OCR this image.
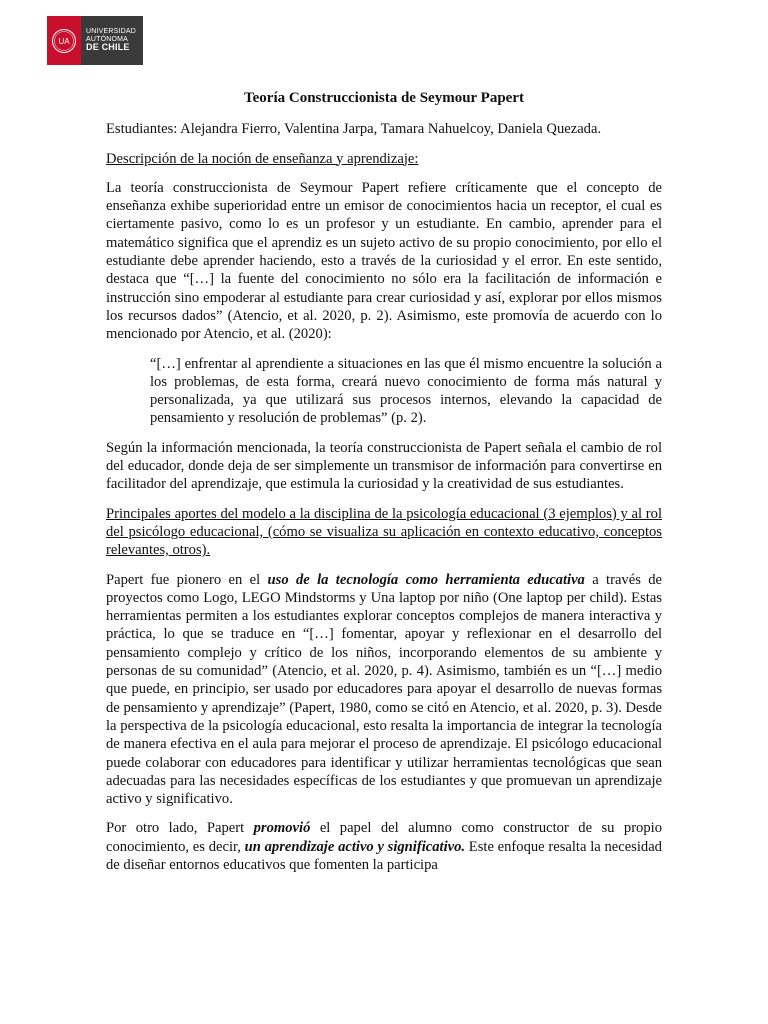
UA
UNIVERSIDAD
AUTÓNOMA
DE CHILE

Teoría Construccionista de Seymour Papert

Estudiantes: Alejandra Fierro, Valentina Jarpa, Tamara Nahuelcoy, Daniela Quezada.

Descripción de la noción de enseñanza y aprendizaje:

La teoría construccionista de Seymour Papert refiere críticamente que el concepto de enseñanza exhibe superioridad entre un emisor de conocimientos hacia un receptor, el cual es ciertamente pasivo, como lo es un profesor y un estudiante. En cambio, aprender para el matemático significa que el aprendiz es un sujeto activo de su propio conocimiento, por ello el estudiante debe aprender haciendo, esto a través de la curiosidad y el error. En este sentido, destaca que “[…] la fuente del conocimiento no sólo era la facilitación de información e instrucción sino empoderar al estudiante para crear curiosidad y así, explorar por ellos mismos los recursos dados” (Atencio, et al. 2020, p. 2). Asimismo, este promovía de acuerdo con lo mencionado por Atencio, et al. (2020):

“[…] enfrentar al aprendiente a situaciones en las que él mismo encuentre la solución a los problemas, de esta forma, creará nuevo conocimiento de forma más natural y personalizada, ya que utilizará sus procesos internos, elevando la capacidad de pensamiento y resolución de problemas” (p. 2).

Según la información mencionada, la teoría construccionista de Papert señala el cambio de rol del educador, donde deja de ser simplemente un transmisor de información para convertirse en facilitador del aprendizaje, que estimula la curiosidad y la creatividad de sus estudiantes.

Principales aportes del modelo a la disciplina de la psicología educacional (3 ejemplos) y al rol del psicólogo educacional, (cómo se visualiza su aplicación en contexto educativo, conceptos relevantes, otros).

Papert fue pionero en el uso de la tecnología como herramienta educativa a través de proyectos como Logo, LEGO Mindstorms y Una laptop por niño (One laptop per child). Estas herramientas permiten a los estudiantes explorar conceptos complejos de manera interactiva y práctica, lo que se traduce en “[…] fomentar, apoyar y reflexionar en el desarrollo del pensamiento complejo y crítico de los niños, incorporando elementos de su ambiente y personas de su comunidad” (Atencio, et al. 2020, p. 4). Asimismo, también es un “[…] medio que puede, en principio, ser usado por educadores para apoyar el desarrollo de nuevas formas de pensamiento y aprendizaje” (Papert, 1980, como se citó en Atencio, et al. 2020, p. 3). Desde la perspectiva de la psicología educacional, esto resalta la importancia de integrar la tecnología de manera efectiva en el aula para mejorar el proceso de aprendizaje. El psicólogo educacional puede colaborar con educadores para identificar y utilizar herramientas tecnológicas que sean adecuadas para las necesidades específicas de los estudiantes y que promuevan un aprendizaje activo y significativo.

Por otro lado, Papert promovió el papel del alumno como constructor de su propio conocimiento, es decir, un aprendizaje activo y significativo. Este enfoque resalta la necesidad de diseñar entornos educativos que fomenten la participa
